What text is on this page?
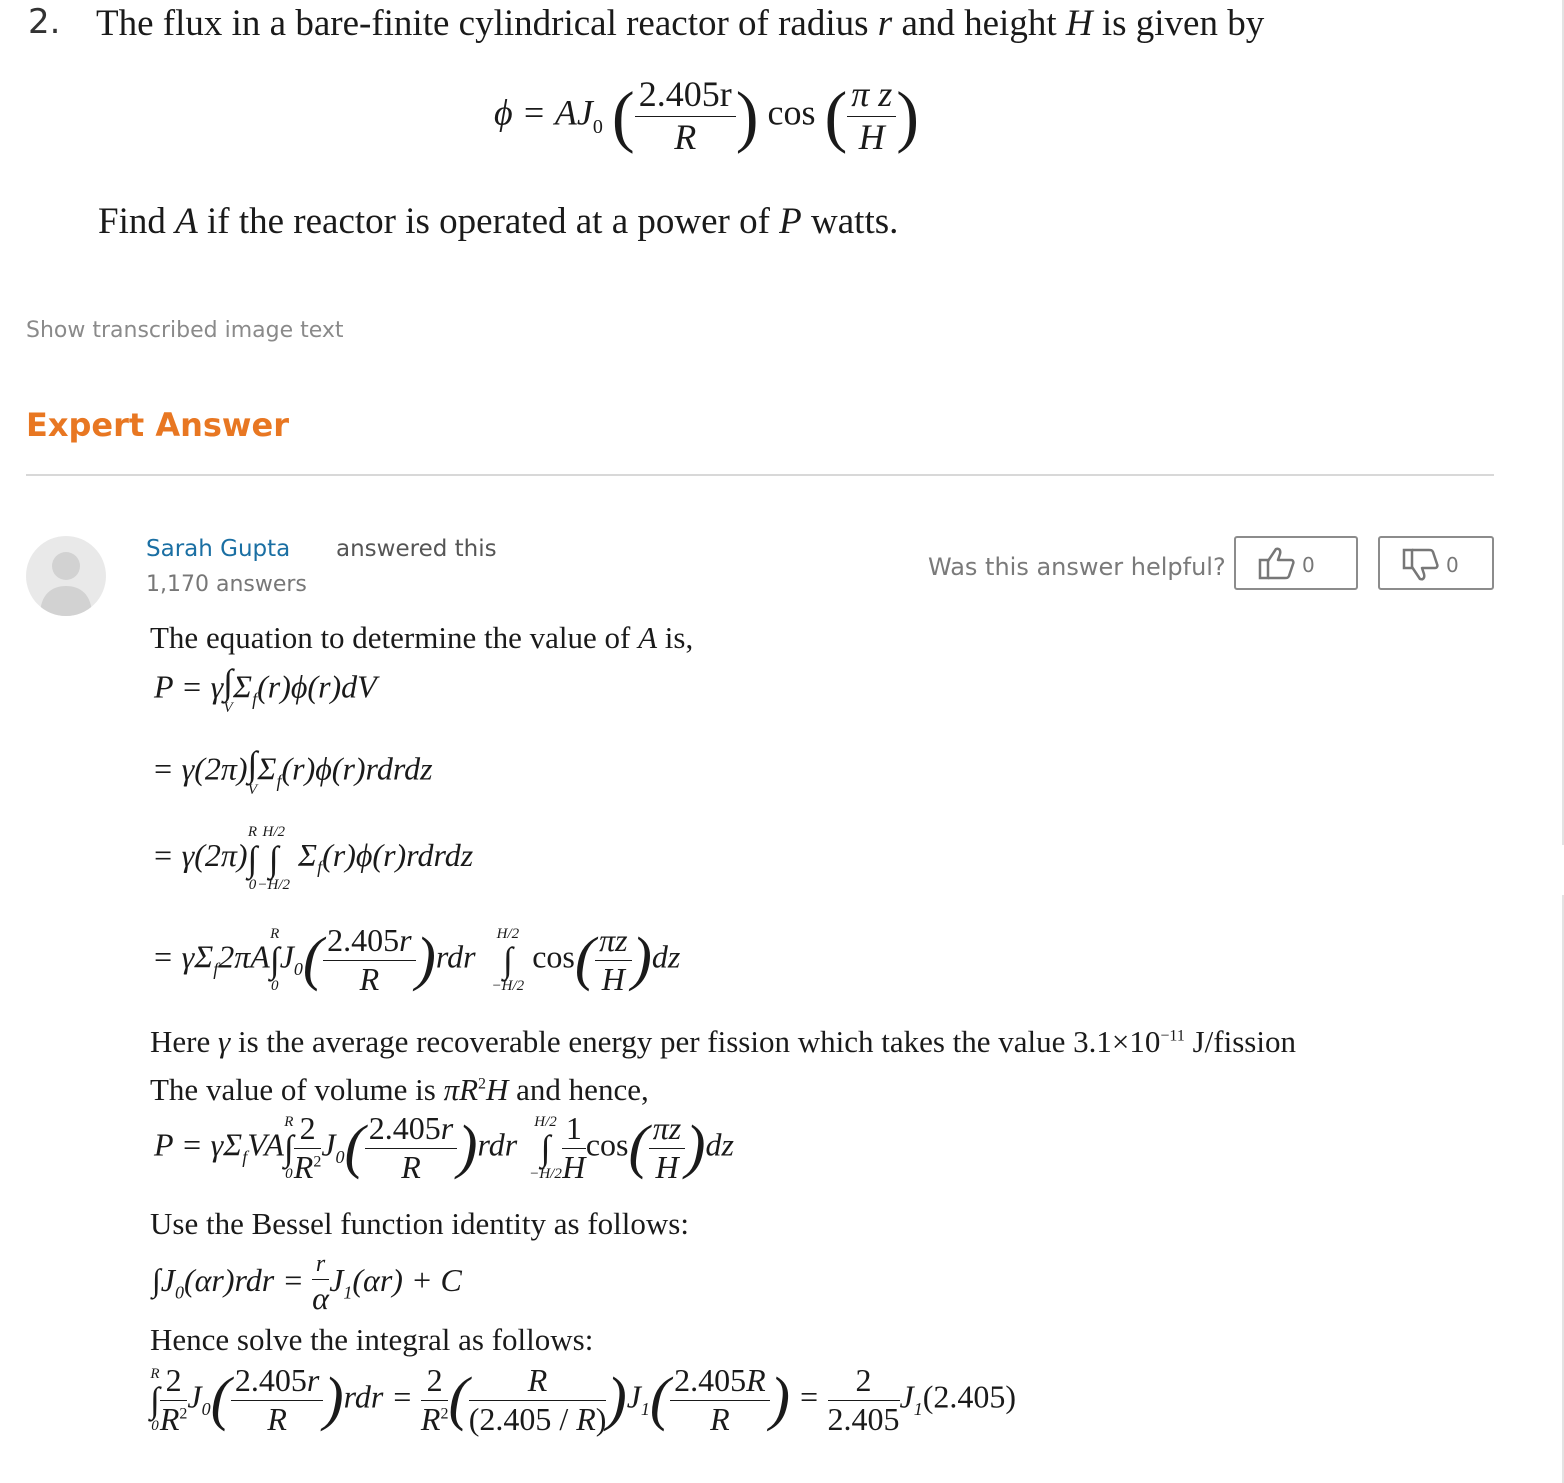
2. The flux in a bare-finite cylindrical reactor of radius r and height H is given by
$\phi = AJ_0$ ( $\frac{2.405r}{R}$ ) cos ( $\frac{\text{π z}}{H}$ )
Find A if the reactor is operated at a power of P watts.
Show transcribed image text
Expert Answer
Sarah Gupta answered this
1,170 answers
Was this answer helpful?	0	0
The equation to determine the value of A is,
P = γ ∫
V
$\Sigma_f(r)\phi(r)dV$
= γ(2π) ∫
V
$\Sigma_f(r)\phi(r)rdrdz$
= γ(2π)
R
∫
0
H/2
∫
−H/2
$\Sigma_f(r)\phi(r)rdrdz$
= $\gamma\Sigma_f2\pi A$
R
∫
0
$J_0( \frac{2.405r}{R} )rdr$
H/2
∫
−H/2
$\cos( \frac{\pi z}{H} )dz$
Here γ is the average recoverable energy per fission which takes the value $3.1\times 10^{-11}$ J/fission
The value of volume is $\pi R^2H$ and hence,
$P = \gamma\Sigma_fVA$
R
∫
$0 \frac{2}{R^2} J_0( \frac{2.405r}{R} )rdr$
H/2
∫
$-H/2 \frac{1}{H} \cos( \frac{\pi z}{H} )dz$
Use the Bessel function identity as follows:
$\int J_0(\alpha r)rdr = \frac{r}{\alpha} J_1(\alpha r) + C$
Hence solve the integral as follows:
R
∫
$0 \frac{2}{R^2} J_0( \frac{2.405r}{R} )rdr = \frac{2}{R^2}$ ( $\frac{R}{(2.405 / R)} )J_1( \frac{2.405R}{R}$ ) = $\frac{2}{2.405} J_1(2.405)$
